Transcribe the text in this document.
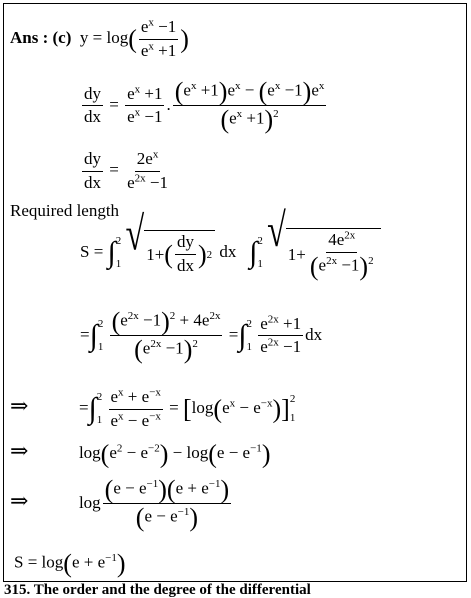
Ans : (c)  $y = \log( \frac{e^x -1}{e^x +1}$ )
$\frac{dy}{dx} = \frac{e^x +1}{e^x -1}$ . $\frac{(e^x +1)e^x - (e^x -1)e^x}{(e^x +1)^2}$
$\frac{dy}{dx} = \frac{2e^x}{e^{2x} -1}$
Required length
S = ∫ 2
1

√ 1+ ( $\frac{dy}{dx}$ ) 2 dx ∫ 2
1

√ $1+ \frac{4e^{2x}}{(e^{2x} -1)^2}$
= ∫ 2
1
$\frac{(e^{2x} -1)^2 + 4e^{2x}}{(e^{2x} -1)^2}$ = ∫ 2
1
$\frac{e^{2x} +1}{e^{2x} -1}$ dx
⇒	= ∫ 2
1
$\frac{e^x + e^{-x}}{e^x - e^{-x}} = [\log(e^x - e^{-x})]$ 2
1
⇒	$\log(e^2 - e^{-2}) - \log(e - e^{-1})$
⇒	$\log \frac{(e - e^{-1})(e + e^{-1})}{(e - e^{-1})}$
$S = \log(e + e^{-1})$
315. The order and the degree of the differential
